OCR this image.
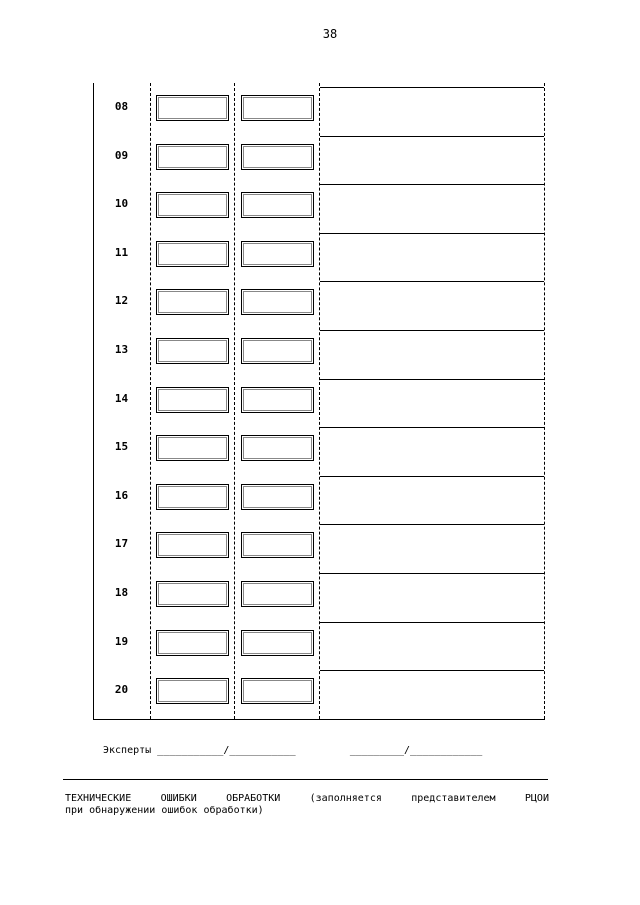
38
08
09
10
11
12
13
14
15
16
17
18
19
20
Эксперты ___________/___________         _________/____________
ТЕХНИЧЕСКИЕ	ОШИБКИ	ОБРАБОТКИ	(заполняется	представителем	РЦОИ
при обнаружении ошибок обработки)
